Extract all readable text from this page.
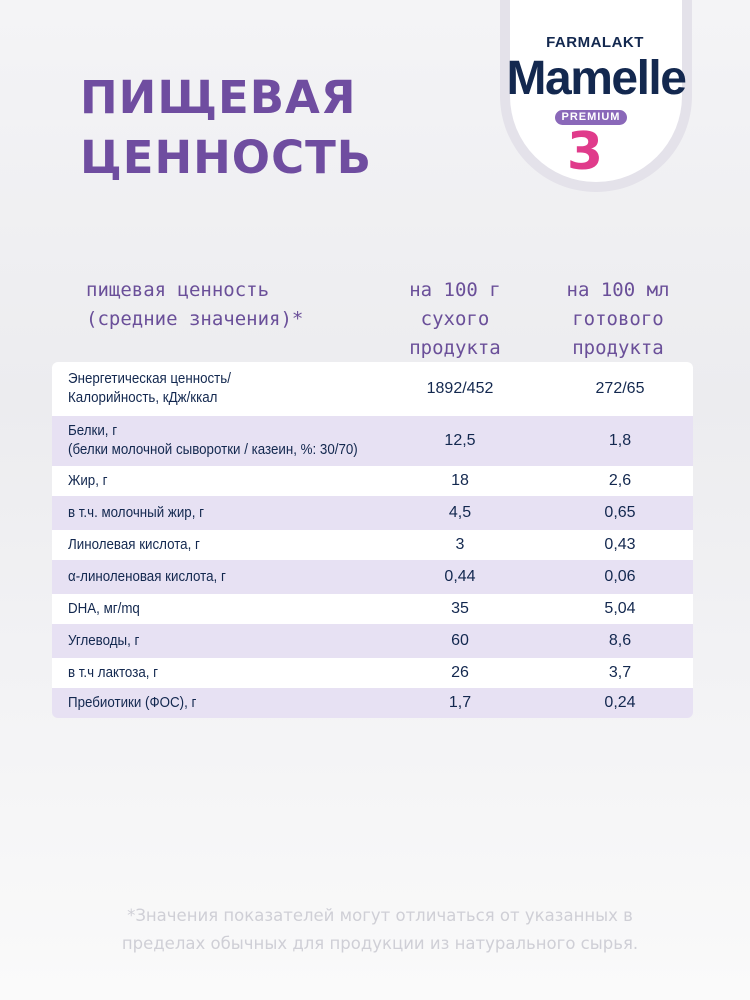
ПИЩЕВАЯ
ЦЕННОСТЬ
FARMALAKT
Mamelle
PREMIUM
3
пищевая ценность
(средние значения)*
на 100 г
сухого продукта
на 100 мл
готового продукта
Энергетическая ценность/
Калорийность, кДж/ккал
1892/452	272/65
Белки, г
(белки молочной сыворотки / казеин, %: 30/70)
12,5	1,8
Жир, г	18	2,6
в т.ч. молочный жир, г	4,5	0,65
Линолевая кислота, г	3	0,43
α-линоленовая кислота, г	0,44	0,06
DHA, мг/mq	35	5,04
Углеводы, г	60	8,6
в т.ч лактоза, г	26	3,7
Пребиотики (ФОС), г	1,7	0,24
*Значения показателей могут отличаться от указанных в
пределах обычных для продукции из натурального сырья.
